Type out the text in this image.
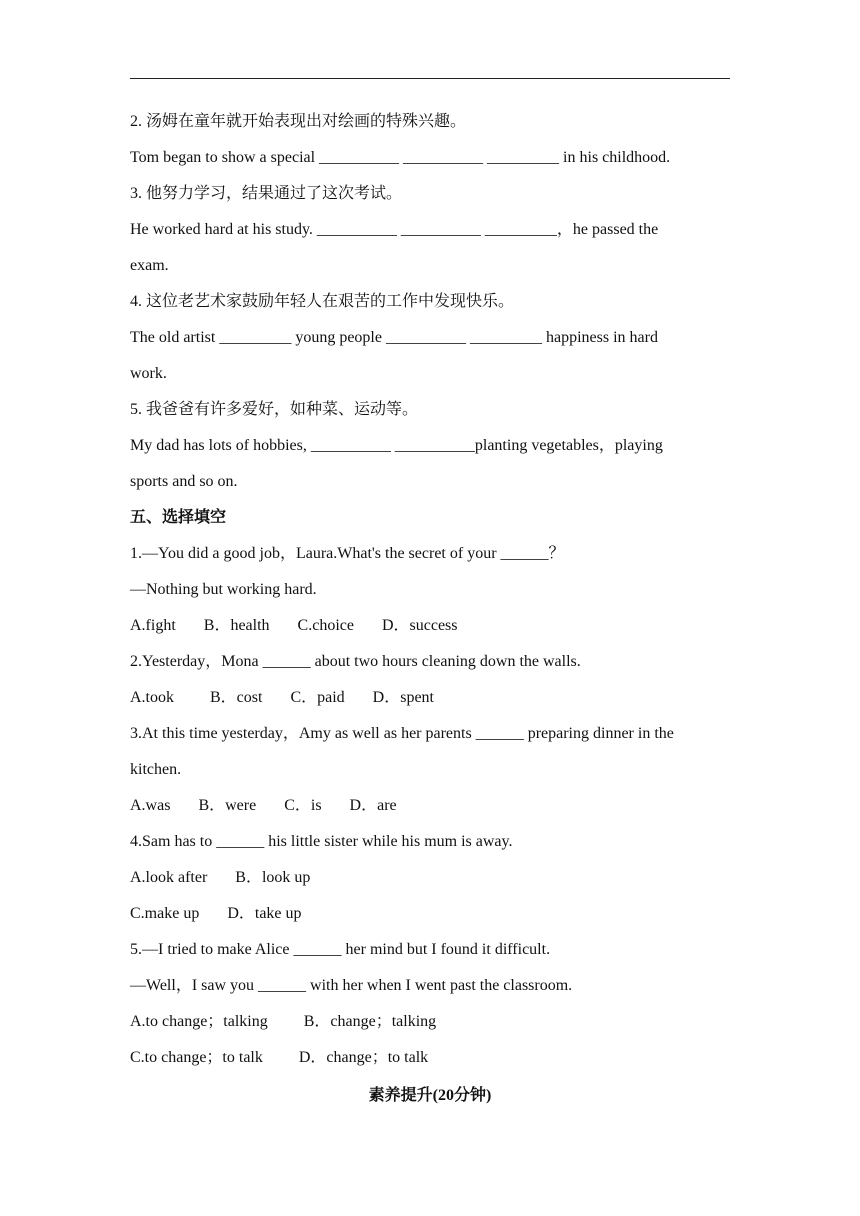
2. 汤姆在童年就开始表现出对绘画的特殊兴趣。
Tom began to show a special __________ __________ _________ in his childhood.
3. 他努力学习，结果通过了这次考试。
He worked hard at his study. __________ __________ _________，he passed the
exam.
4. 这位老艺术家鼓励年轻人在艰苦的工作中发现快乐。
The old artist _________ young people __________ _________ happiness in hard
work.
5. 我爸爸有许多爱好，如种菜、运动等。
My dad has lots of hobbies, __________ __________planting vegetables，playing
sports and so on.
五、选择填空
1.—You did a good job，Laura.What's the secret of your ______？
—Nothing but working hard.
A.fight       B．health       C.choice       D．success
2.Yesterday，Mona ______ about two hours cleaning down the walls.
A.took         B．cost       C．paid       D．spent
3.At this time yesterday，Amy as well as her parents ______ preparing dinner in the
kitchen.
A.was       B．were       C．is       D．are
4.Sam has to ______ his little sister while his mum is away.
A.look after       B．look up
C.make up       D．take up
5.—I tried to make Alice ______ her mind but I found it difficult.
—Well，I saw you ______ with her when I went past the classroom.
A.to change；talking         B．change；talking
C.to change；to talk         D．change；to talk
素养提升(20分钟)
